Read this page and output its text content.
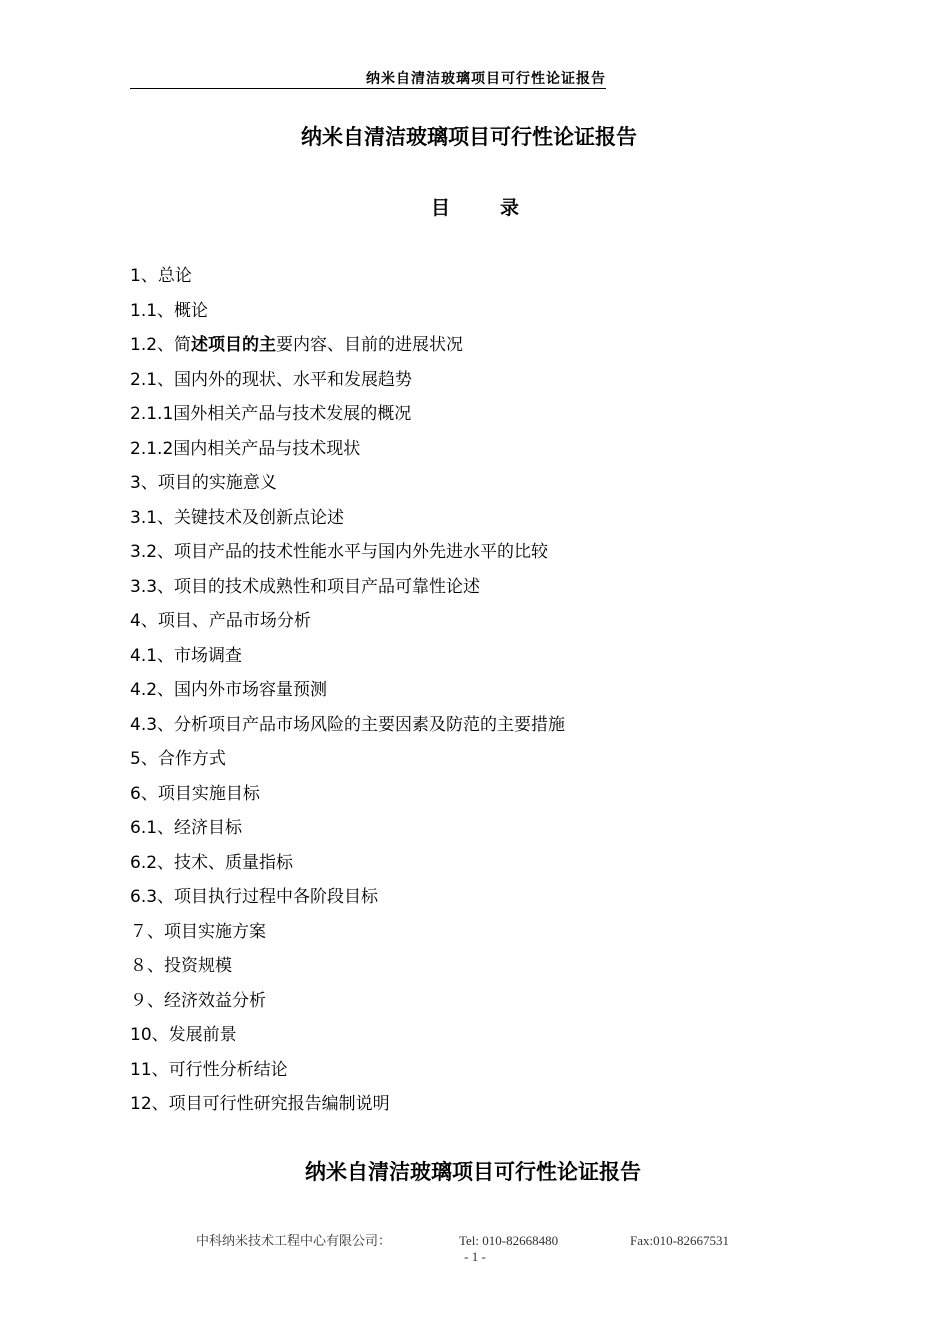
纳米自清洁玻璃项目可行性论证报告
纳米自清洁玻璃项目可行性论证报告
目	录
1、总论
1.1、概论
1.2、简述项目的主要内容、目前的进展状况
2.1、国内外的现状、水平和发展趋势
2.1.1国外相关产品与技术发展的概况
2.1.2国内相关产品与技术现状
3、项目的实施意义
3.1、关键技术及创新点论述
3.2、项目产品的技术性能水平与国内外先进水平的比较
3.3、项目的技术成熟性和项目产品可靠性论述
4、项目、产品市场分析
4.1、市场调查
4.2、国内外市场容量预测
4.3、分析项目产品市场风险的主要因素及防范的主要措施
5、合作方式
6、项目实施目标
6.1、经济目标
6.2、技术、质量指标
6.3、项目执行过程中各阶段目标
７、项目实施方案
８、投资规模
９、经济效益分析
10、发展前景
11、可行性分析结论
12、项目可行性研究报告编制说明
纳米自清洁玻璃项目可行性论证报告
中科纳米技术工程中心有限公司：	Tel: 010-82668480	Fax:010-82667531
- 1 -
